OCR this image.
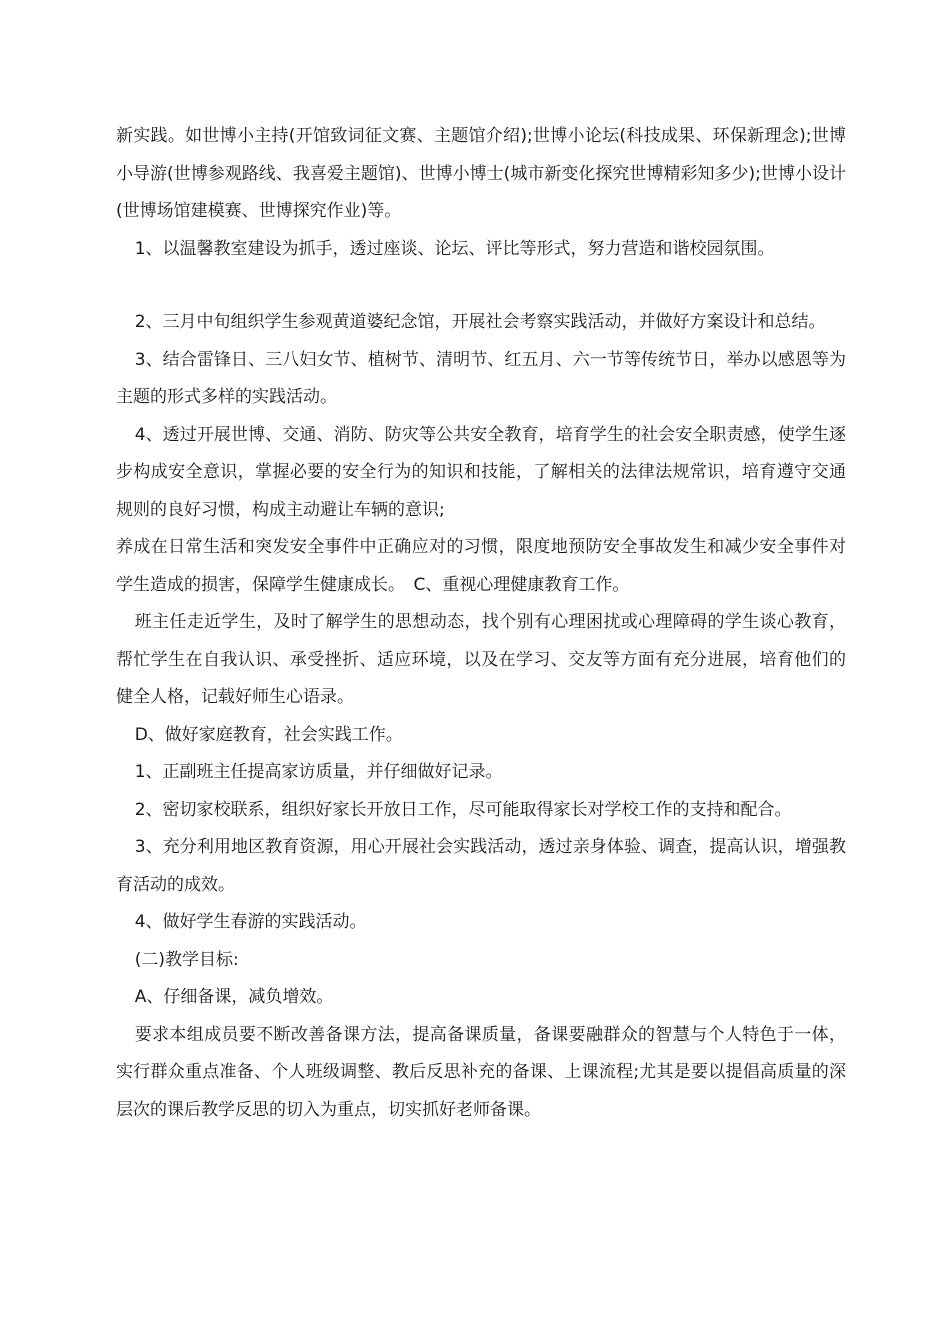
新实践。如世博小主持(开馆致词征文赛、主题馆介绍);世博小论坛(科技成果、环保新理念);世博小导游(世博参观路线、我喜爱主题馆)、世博小博士(城市新变化探究世博精彩知多少);世博小设计(世博场馆建模赛、世博探究作业)等。

1、以温馨教室建设为抓手，透过座谈、论坛、评比等形式，努力营造和谐校园氛围。

2、三月中旬组织学生参观黄道婆纪念馆，开展社会考察实践活动，并做好方案设计和总结。

3、结合雷锋日、三八妇女节、植树节、清明节、红五月、六一节等传统节日，举办以感恩等为主题的形式多样的实践活动。

4、透过开展世博、交通、消防、防灾等公共安全教育，培育学生的社会安全职责感，使学生逐步构成安全意识，掌握必要的安全行为的知识和技能，了解相关的法律法规常识，培育遵守交通规则的良好习惯，构成主动避让车辆的意识;

养成在日常生活和突发安全事件中正确应对的习惯，限度地预防安全事故发生和减少安全事件对学生造成的损害，保障学生健康成长。　C、重视心理健康教育工作。

班主任走近学生，及时了解学生的思想动态，找个别有心理困扰或心理障碍的学生谈心教育，帮忙学生在自我认识、承受挫折、适应环境，以及在学习、交友等方面有充分进展，培育他们的健全人格，记载好师生心语录。

D、做好家庭教育，社会实践工作。

1、正副班主任提高家访质量，并仔细做好记录。

2、密切家校联系，组织好家长开放日工作，尽可能取得家长对学校工作的支持和配合。

3、充分利用地区教育资源，用心开展社会实践活动，透过亲身体验、调查，提高认识，增强教育活动的成效。

4、做好学生春游的实践活动。

(二)教学目标:

A、仔细备课，减负增效。

要求本组成员要不断改善备课方法，提高备课质量，备课要融群众的智慧与个人特色于一体，实行群众重点准备、个人班级调整、教后反思补充的备课、上课流程;尤其是要以提倡高质量的深层次的课后教学反思的切入为重点，切实抓好老师备课。
